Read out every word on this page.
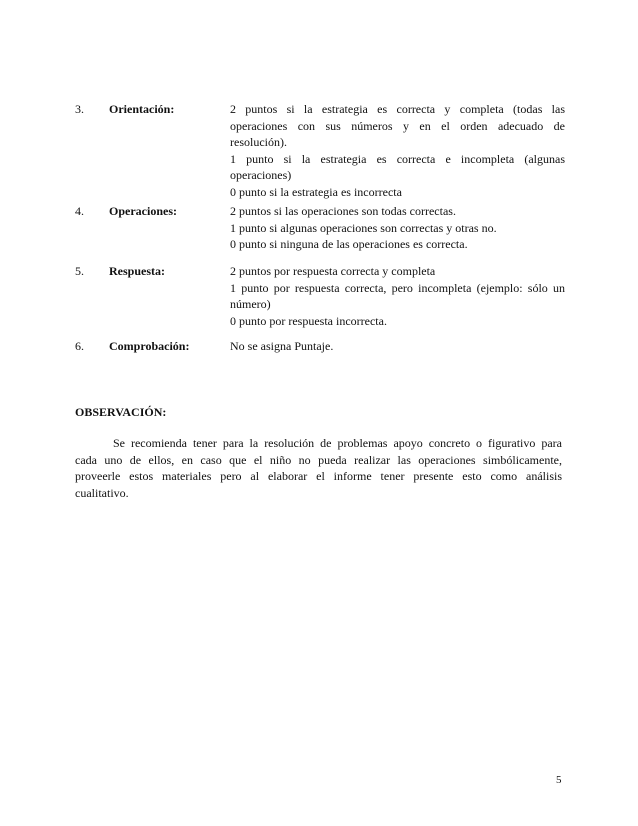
3. Orientación:	2 puntos si la estrategia es correcta y completa (todas las
operaciones con sus números y en el orden adecuado de
resolución).
1 punto si la estrategia es correcta e incompleta (algunas
operaciones)
0 punto si la estrategia es incorrecta
4. Operaciones:	2 puntos si las operaciones son todas correctas.
1 punto si algunas operaciones son correctas y otras no.
0 punto si ninguna de las operaciones es correcta.
5. Respuesta:	2 puntos por respuesta correcta y completa
1 punto por respuesta correcta, pero incompleta (ejemplo: sólo un
número)
0 punto por respuesta incorrecta.
6. Comprobación:	No se asigna Puntaje.
OBSERVACIÓN:
Se recomienda tener para la resolución de problemas apoyo concreto o figurativo para
cada uno de ellos, en caso que el niño no pueda realizar las operaciones simbólicamente,
proveerle estos materiales pero al elaborar el informe tener presente esto como análisis
cualitativo.
5
